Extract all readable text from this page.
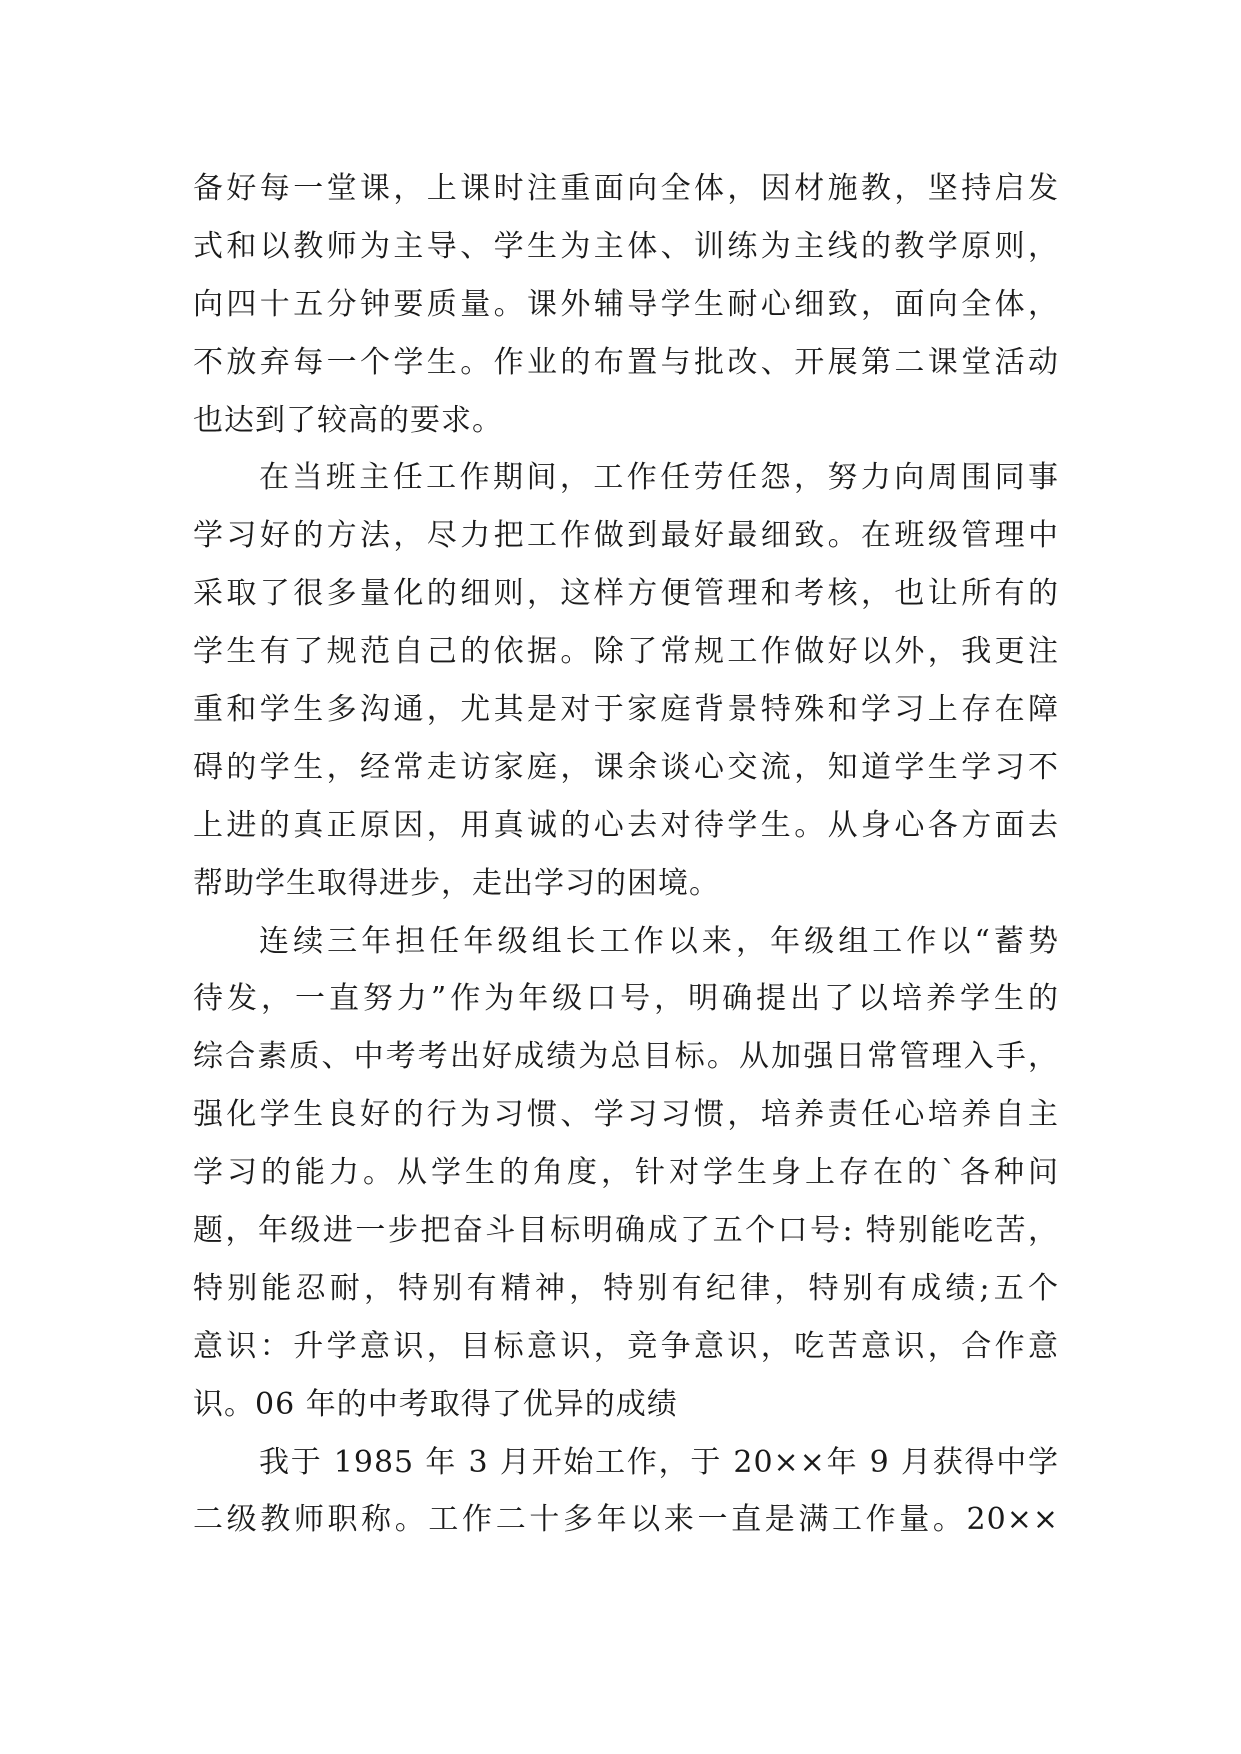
备好每一堂课，上课时注重面向全体，因材施教，坚持启发
式和以教师为主导、学生为主体、训练为主线的教学原则，
向四十五分钟要质量。课外辅导学生耐心细致，面向全体，
不放弃每一个学生。作业的布置与批改、开展第二课堂活动
也达到了较高的要求。
在当班主任工作期间，工作任劳任怨，努力向周围同事
学习好的方法，尽力把工作做到最好最细致。在班级管理中
采取了很多量化的细则，这样方便管理和考核，也让所有的
学生有了规范自己的依据。除了常规工作做好以外，我更注
重和学生多沟通，尤其是对于家庭背景特殊和学习上存在障
碍的学生，经常走访家庭，课余谈心交流，知道学生学习不
上进的真正原因，用真诚的心去对待学生。从身心各方面去
帮助学生取得进步，走出学习的困境。
连续三年担任年级组长工作以来，年级组工作以“蓄势
待发，一直努力”作为年级口号，明确提出了以培养学生的
综合素质、中考考出好成绩为总目标。从加强日常管理入手，
强化学生良好的行为习惯、学习习惯，培养责任心培养自主
学习的能力。从学生的角度，针对学生身上存在的`各种问
题，年级进一步把奋斗目标明确成了五个口号: 特别能吃苦，
特别能忍耐，特别有精神，特别有纪律，特别有成绩;五个
意识：升学意识，目标意识，竞争意识，吃苦意识，合作意
识。06 年的中考取得了优异的成绩
我于 1985 年 3 月开始工作，于 20××年 9 月获得中学
二级教师职称。工作二十多年以来一直是满工作量。20××
